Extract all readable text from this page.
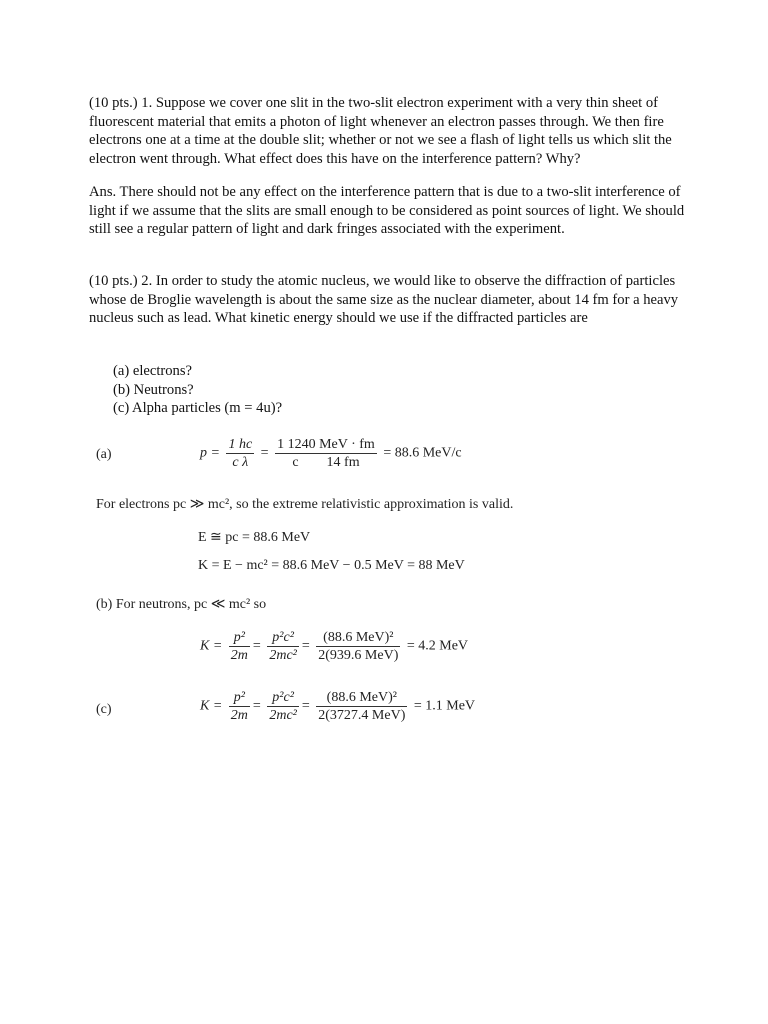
(10 pts.) 1. Suppose we cover one slit in the two-slit electron experiment with a very thin sheet of fluorescent material that emits a photon of light whenever an electron passes through. We then fire electrons one at a time at the double slit; whether or not we see a flash of light tells us which slit the electron went through. What effect does this have on the interference pattern? Why?
Ans. There should not be any effect on the interference pattern that is due to a two-slit interference of light if we assume that the slits are small enough to be considered as point sources of light. We should still see a regular pattern of light and dark fringes associated with the experiment.
(10 pts.) 2. In order to study the atomic nucleus, we would like to observe the diffraction of particles whose de Broglie wavelength is about the same size as the nuclear diameter, about 14 fm for a heavy nucleus such as lead. What kinetic energy should we use if the diffracted particles are
(a) electrons?
(b) Neutrons?
(c) Alpha particles (m = 4u)?
(a)	$p = \frac{1 hc}{\text{c λ}} = \frac{\text{1 1240 MeV · fm}}{c 14 fm} = 88.6$ MeV/c
For electrons pc ≫ mc², so the extreme relativistic approximation is valid.
E ≅ pc = 88.6 MeV
K = E − mc² = 88.6 MeV − 0.5 MeV = 88 MeV
(b) For neutrons, pc ≪ mc² so
$K = \frac{\text{p²}}{2m} = \frac{\text{p²c²}}{\text{2mc²}} = \frac{\text{(88.6 MeV)²}}{\text{2(939.6 MeV)}} = 4.2$ MeV
(c)	$K = \frac{\text{p²}}{2m} = \frac{\text{p²c²}}{\text{2mc²}} = \frac{\text{(88.6 MeV)²}}{\text{2(3727.4 MeV)}} = 1.1$ MeV
